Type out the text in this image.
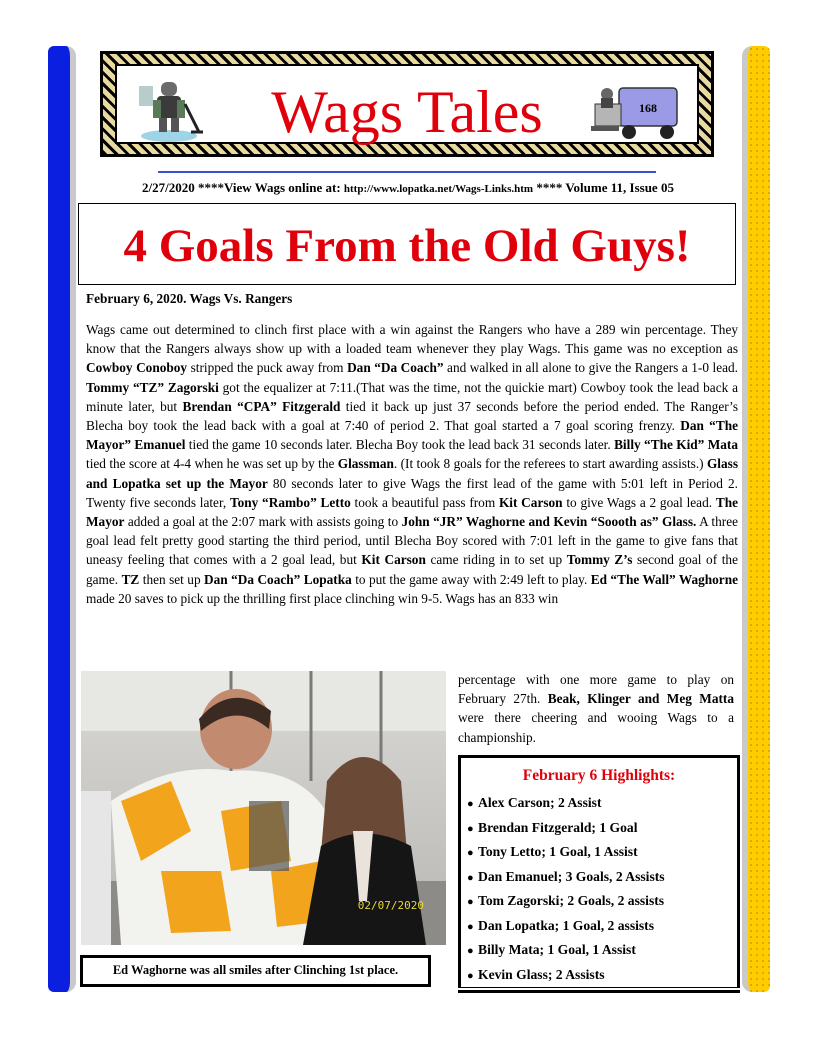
Wags Tales	168
2/27/2020 ****View Wags online at: http://www.lopatka.net/Wags-Links.htm **** Volume 11, Issue 05
4 Goals From the Old Guys!
February 6, 2020. Wags Vs. Rangers

Wags came out determined to clinch first place with a win against the Rangers who have a 289 win percentage. They know that the Rangers always show up with a loaded team whenever they play Wags. This game was no exception as Cowboy Conoboy stripped the puck away from Dan “Da Coach” and walked in all alone to give the Rangers a 1-0 lead. Tommy “TZ” Zagorski got the equalizer at 7:11.(That was the time, not the quickie mart) Cowboy took the lead back a minute later, but Brendan “CPA” Fitzgerald tied it back up just 37 seconds before the period ended. The Ranger’s Blecha boy took the lead back with a goal at 7:40 of period 2. That goal started a 7 goal scoring frenzy. Dan “The Mayor” Emanuel tied the game 10 seconds later. Blecha Boy took the lead back 31 seconds later. Billy “The Kid” Mata tied the score at 4-4 when he was set up by the Glassman. (It took 8 goals for the referees to start awarding assists.) Glass and Lopatka set up the Mayor 80 seconds later to give Wags the first lead of the game with 5:01 left in Period 2. Twenty five seconds later, Tony “Rambo” Letto took a beautiful pass from Kit Carson to give Wags a 2 goal lead. The Mayor added a goal at the 2:07 mark with assists going to John “JR” Waghorne and Kevin “Soooth as” Glass. A three goal lead felt pretty good starting the third period, until Blecha Boy scored with 7:01 left in the game to give fans that uneasy feeling that comes with a 2 goal lead, but Kit Carson came riding in to set up Tommy Z’s second goal of the game. TZ then set up Dan “Da Coach” Lopatka to put the game away with 2:49 left to play. Ed “The Wall” Waghorne made 20 saves to pick up the thrilling first place clinching win 9-5. Wags has an 833 win

percentage with one more game to play on February 27th. Beak, Klinger and Meg Matta were there cheering and wooing Wags to a championship.

02/07/2020
Ed Waghorne was all smiles after Clinching 1st place.
February 6 Highlights:
● Alex Carson; 2 Assist
● Brendan Fitzgerald; 1 Goal
● Tony Letto; 1 Goal, 1 Assist
● Dan Emanuel; 3 Goals, 2 Assists
● Tom Zagorski; 2 Goals, 2 assists
● Dan Lopatka; 1 Goal, 2 assists
● Billy Mata; 1 Goal, 1 Assist
● Kevin Glass; 2 Assists
